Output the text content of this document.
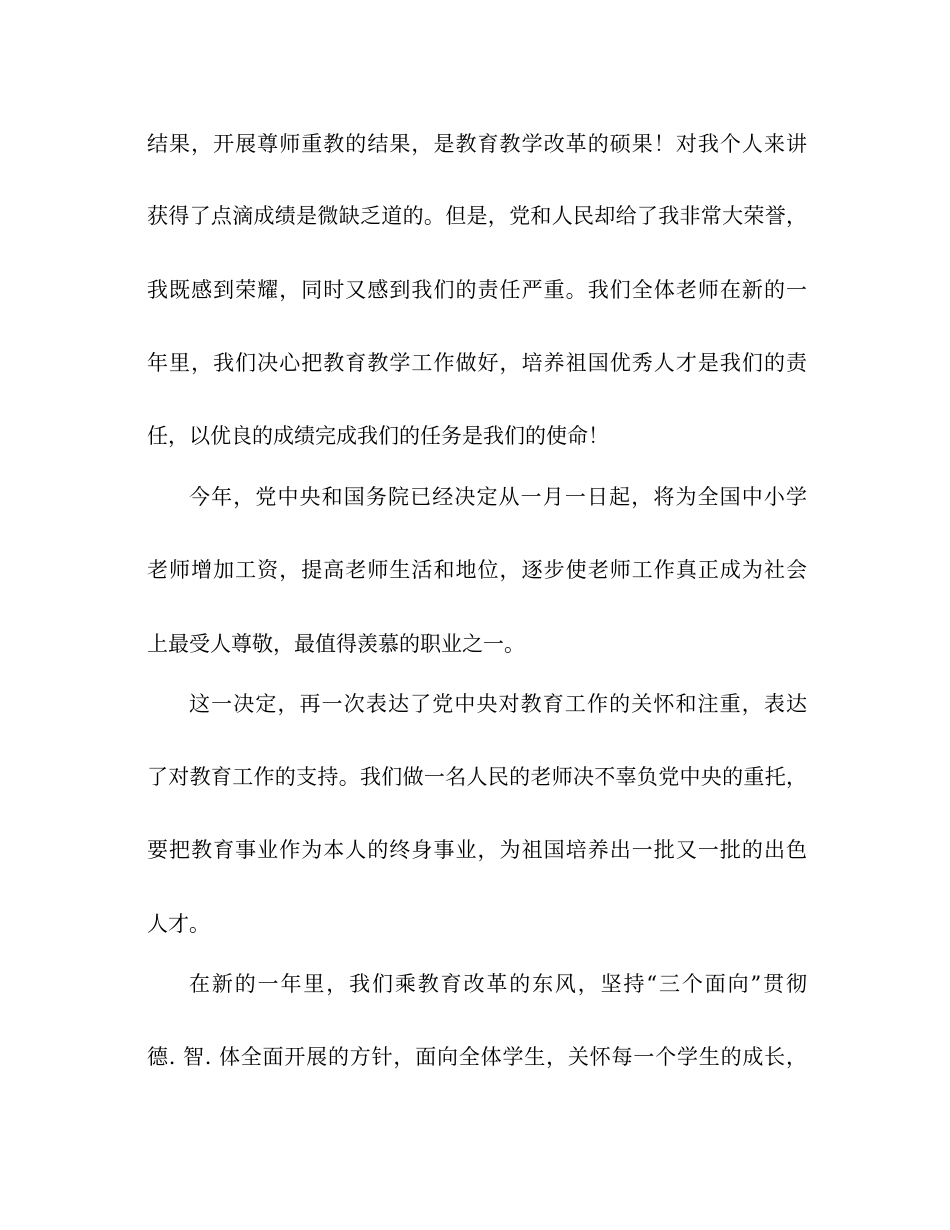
结果，开展尊师重教的结果，是教育教学改革的硕果！对我个人来讲
获得了点滴成绩是微缺乏道的。但是，党和人民却给了我非常大荣誉，
我既感到荣耀，同时又感到我们的责任严重。我们全体老师在新的一
年里，我们决心把教育教学工作做好，培养祖国优秀人才是我们的责
任，以优良的成绩完成我们的任务是我们的使命！
今年，党中央和国务院已经决定从一月一日起，将为全国中小学
老师增加工资，提高老师生活和地位，逐步使老师工作真正成为社会
上最受人尊敬，最值得羡慕的职业之一。
这一决定，再一次表达了党中央对教育工作的关怀和注重，表达
了对教育工作的支持。我们做一名人民的老师决不辜负党中央的重托，
要把教育事业作为本人的终身事业，为祖国培养出一批又一批的出色
人才。
在新的一年里，我们乘教育改革的东风，坚持“三个面向”贯彻
德. 智. 体全面开展的方针，面向全体学生，关怀每一个学生的成长，
